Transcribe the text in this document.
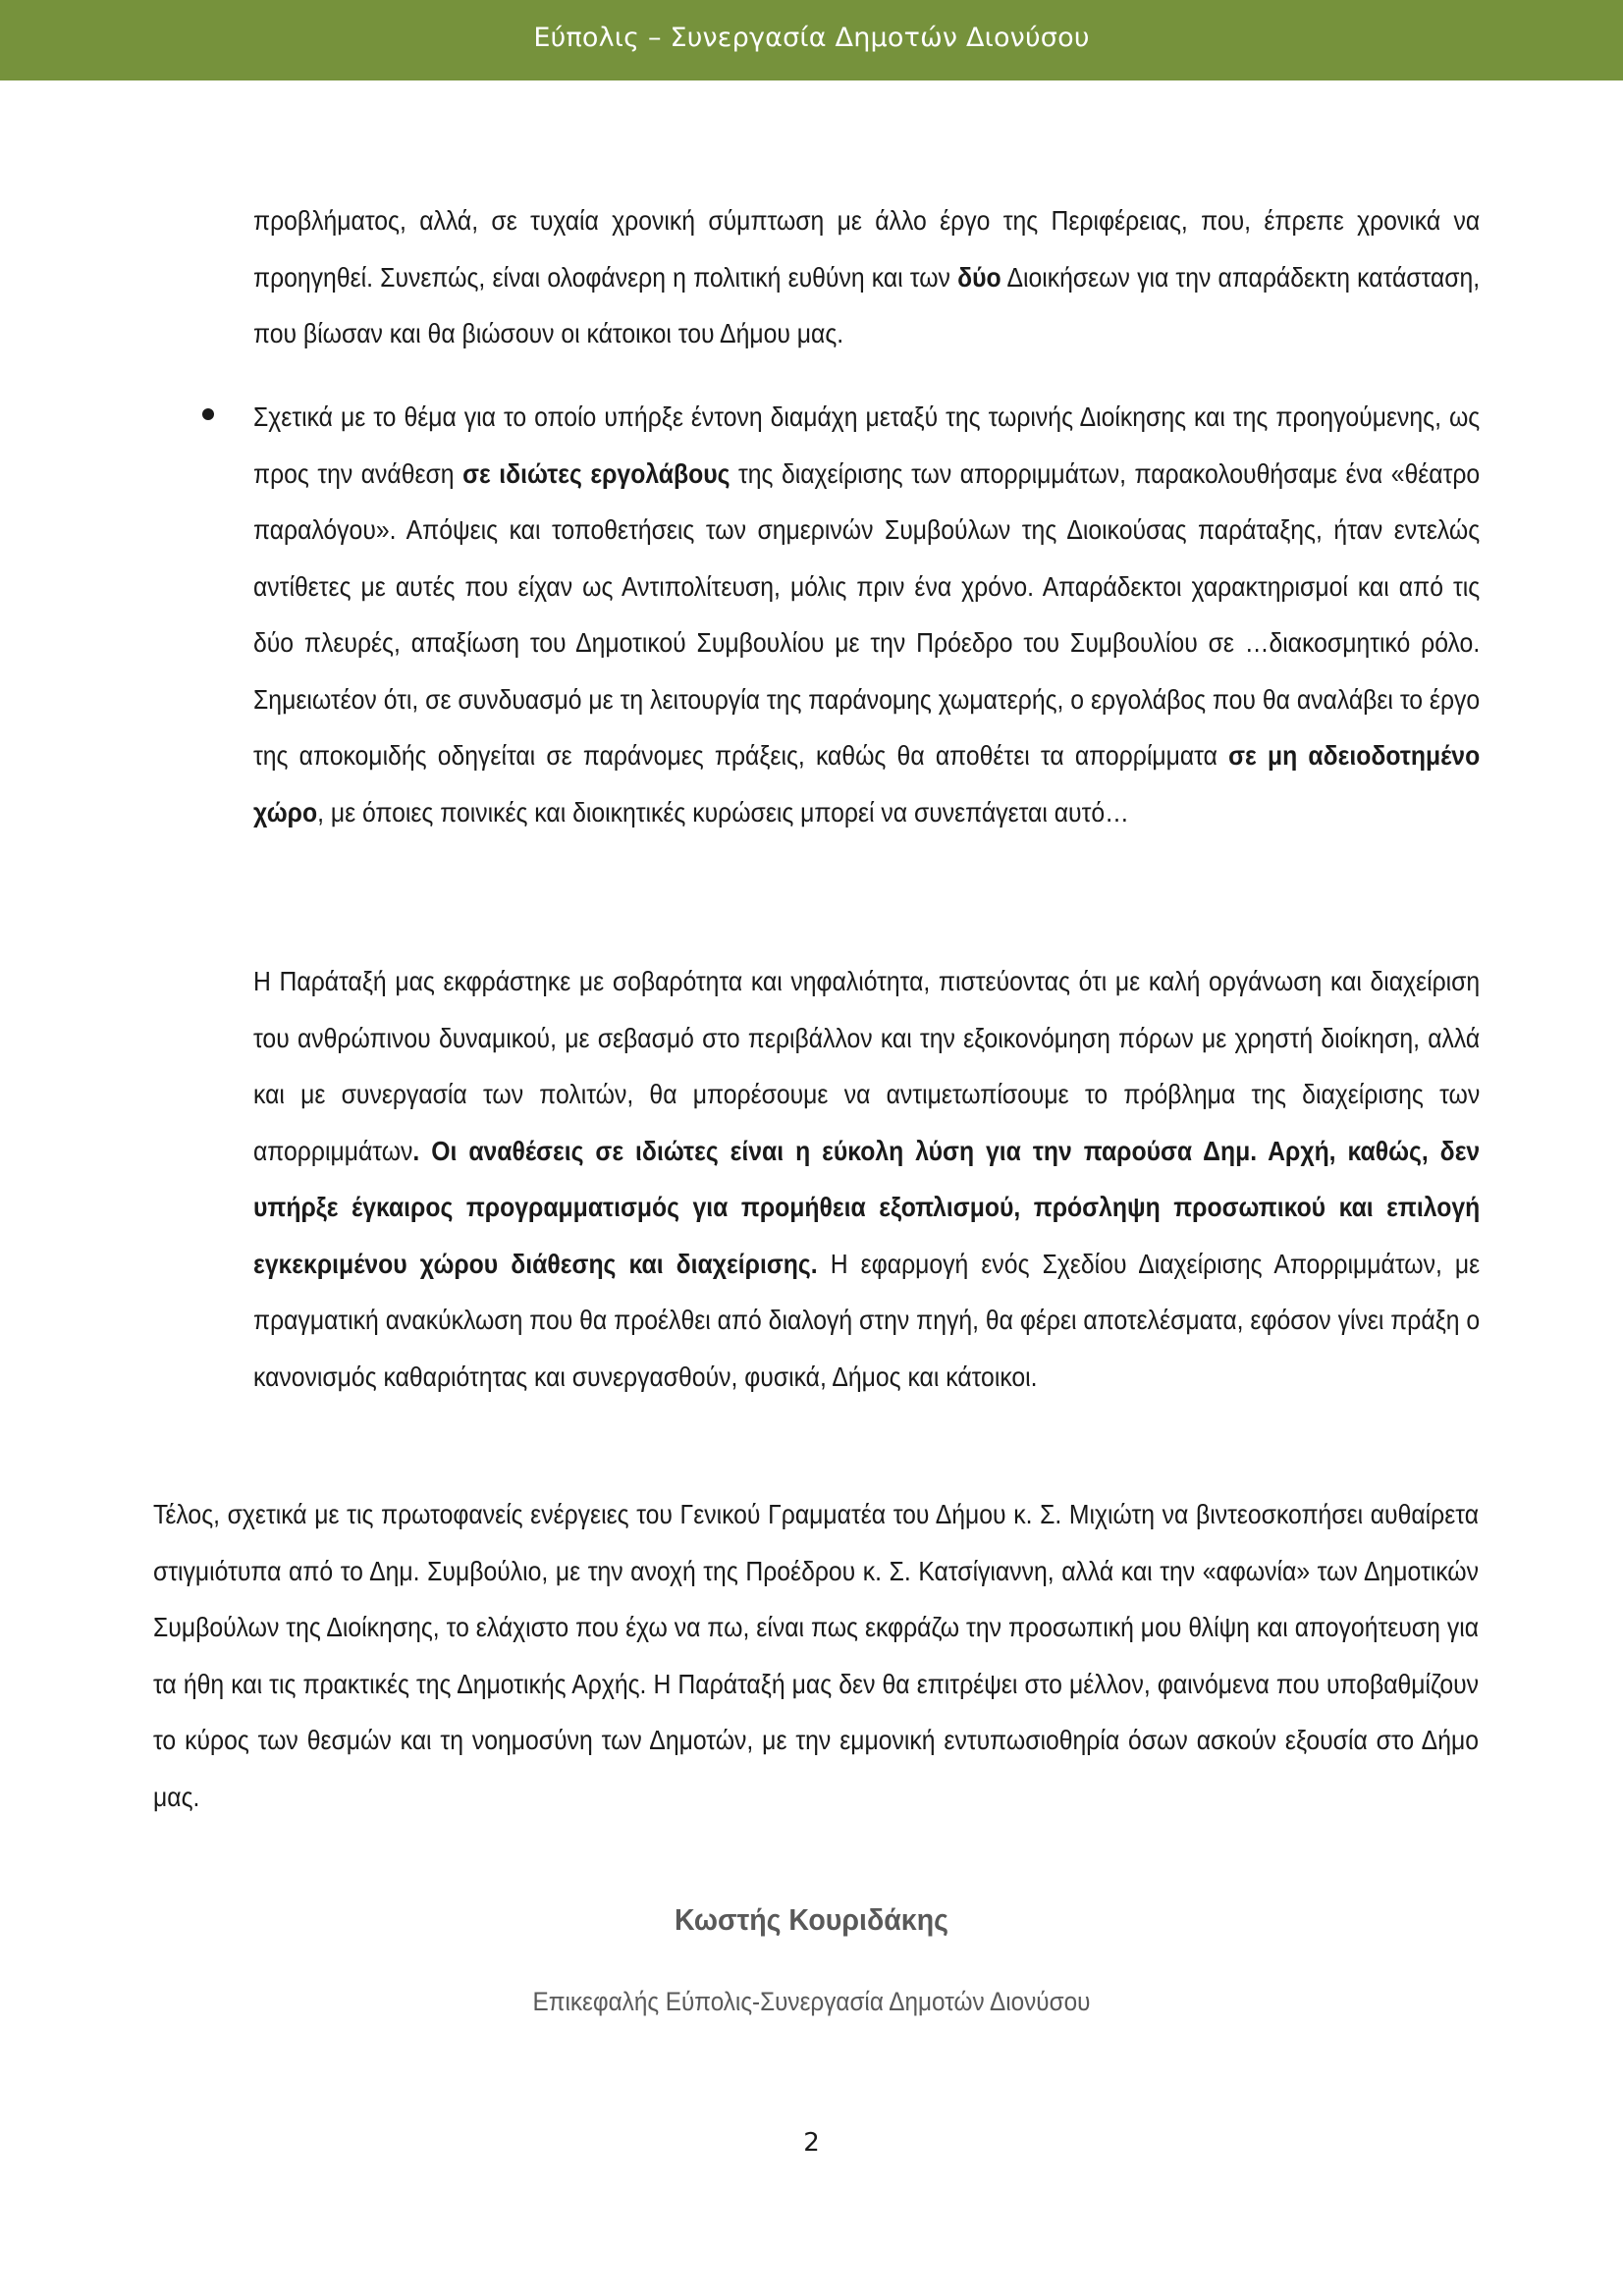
Εύπολις – Συνεργασία Δημοτών Διονύσου

προβλήματος, αλλά, σε τυχαία χρονική σύμπτωση με άλλο έργο της Περιφέρειας, που, έπρεπε χρονικά να προηγηθεί. Συνεπώς, είναι ολοφάνερη η πολιτική ευθύνη και των δύο Διοικήσεων για την απαράδεκτη κατάσταση, που βίωσαν και θα βιώσουν οι κάτοικοι του Δήμου μας.

Σχετικά με το θέμα για το οποίο υπήρξε έντονη διαμάχη μεταξύ της τωρινής Διοίκησης και της προηγούμενης, ως προς την ανάθεση σε ιδιώτες εργολάβους της διαχείρισης των απορριμμάτων, παρακολουθήσαμε ένα «θέατρο παραλόγου». Απόψεις και τοποθετήσεις των σημερινών Συμβούλων της Διοικούσας παράταξης, ήταν εντελώς αντίθετες με αυτές που είχαν ως Αντιπολίτευση, μόλις πριν ένα χρόνο. Απαράδεκτοι χαρακτηρισμοί και από τις δύο πλευρές, απαξίωση του Δημοτικού Συμβουλίου με την Πρόεδρο του Συμβουλίου σε …διακοσμητικό ρόλο. Σημειωτέον ότι, σε συνδυασμό με τη λειτουργία της παράνομης χωματερής, ο εργολάβος που θα αναλάβει το έργο της αποκομιδής οδηγείται σε παράνομες πράξεις, καθώς θα αποθέτει τα απορρίμματα σε μη αδειοδοτημένο χώρο, με όποιες ποινικές και διοικητικές κυρώσεις μπορεί να συνεπάγεται αυτό…

Η Παράταξή μας εκφράστηκε με σοβαρότητα και νηφαλιότητα, πιστεύοντας ότι με καλή οργάνωση και διαχείριση του ανθρώπινου δυναμικού, με σεβασμό στο περιβάλλον και την εξοικονόμηση πόρων με χρηστή διοίκηση, αλλά και με συνεργασία των πολιτών, θα μπορέσουμε να αντιμετωπίσουμε το πρόβλημα της διαχείρισης των απορριμμάτων. Οι αναθέσεις σε ιδιώτες είναι η εύκολη λύση για την παρούσα Δημ. Αρχή, καθώς, δεν υπήρξε έγκαιρος προγραμματισμός για προμήθεια εξοπλισμού, πρόσληψη προσωπικού και επιλογή εγκεκριμένου χώρου διάθεσης και διαχείρισης. Η εφαρμογή ενός Σχεδίου Διαχείρισης Απορριμμάτων, με πραγματική ανακύκλωση που θα προέλθει από διαλογή στην πηγή, θα φέρει αποτελέσματα, εφόσον γίνει πράξη ο κανονισμός καθαριότητας και συνεργασθούν, φυσικά, Δήμος και κάτοικοι.

Τέλος, σχετικά με τις πρωτοφανείς ενέργειες του Γενικού Γραμματέα του Δήμου κ. Σ. Μιχιώτη να βιντεοσκοπήσει αυθαίρετα στιγμιότυπα από το Δημ. Συμβούλιο, με την ανοχή της Προέδρου κ. Σ. Κατσίγιαννη, αλλά και την «αφωνία» των Δημοτικών Συμβούλων της Διοίκησης, το ελάχιστο που έχω να πω, είναι πως εκφράζω την προσωπική μου θλίψη και απογοήτευση για τα ήθη και τις πρακτικές της Δημοτικής Αρχής. Η Παράταξή μας δεν θα επιτρέψει στο μέλλον, φαινόμενα που υποβαθμίζουν το κύρος των θεσμών και τη νοημοσύνη των Δημοτών, με την εμμονική εντυπωσιοθηρία όσων ασκούν εξουσία στο Δήμο μας.

Κωστής Κουριδάκης
Επικεφαλής Εύπολις-Συνεργασία Δημοτών Διονύσου
2
